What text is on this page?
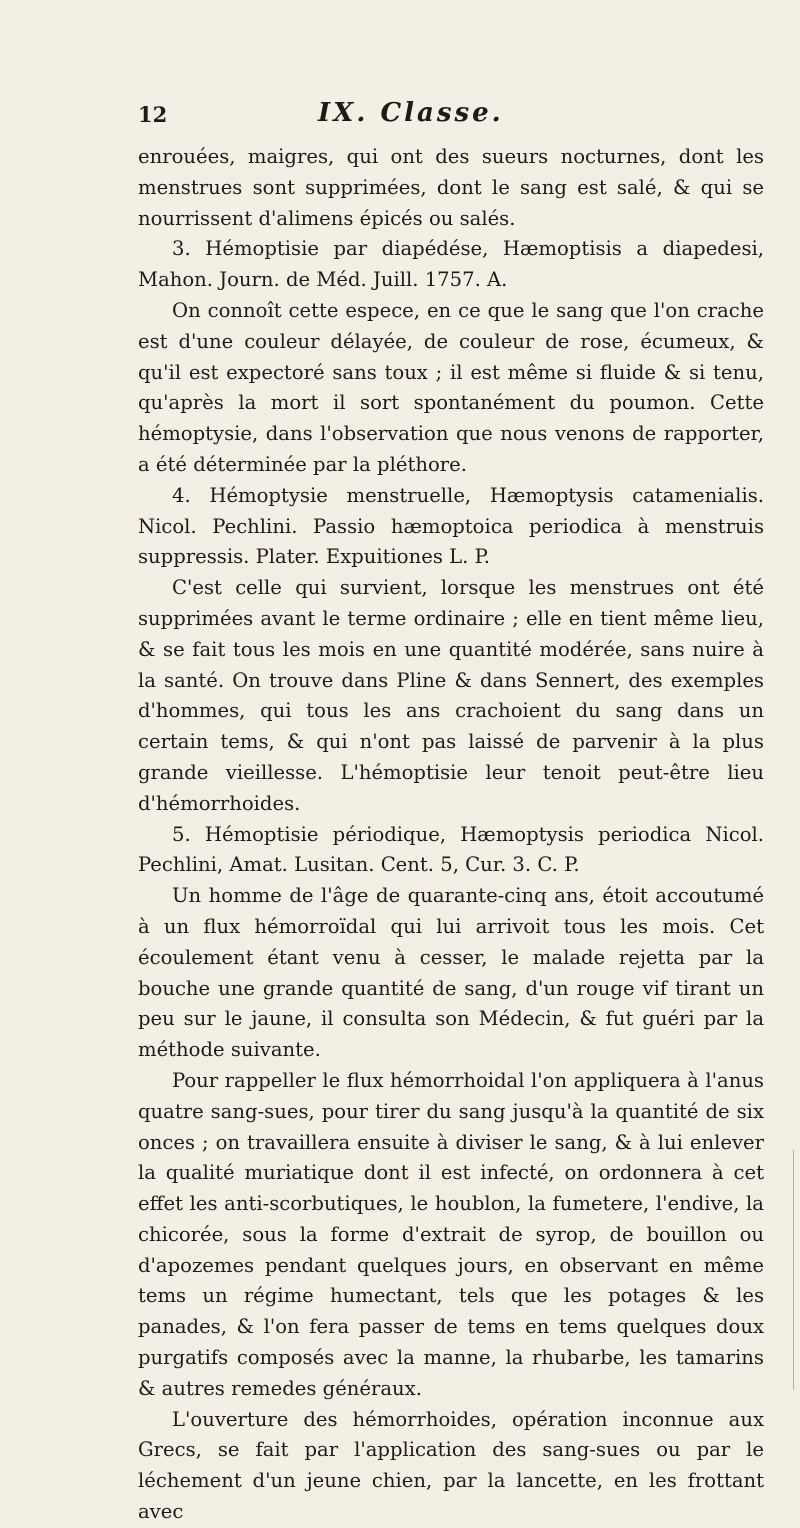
12	IX. Classe.

enrouées, maigres, qui ont des sueurs nocturnes, dont les menstrues sont supprimées, dont le sang est salé, & qui se nourrissent d'alimens épicés ou salés.

3. Hémoptisie par diapédése, Hæmoptisis a diapedesi, Mahon. Journ. de Méd. Juill. 1757. A.

On connoît cette espece, en ce que le sang que l'on crache est d'une couleur délayée, de couleur de rose, écumeux, & qu'il est expectoré sans toux ; il est même si fluide & si tenu, qu'après la mort il sort spontanément du poumon. Cette hémoptysie, dans l'observation que nous venons de rapporter, a été déterminée par la pléthore.

4. Hémoptysie menstruelle, Hæmoptysis catamenialis. Nicol. Pechlini. Passio hæmoptoica periodica à menstruis suppressis. Plater. Expuitiones L. P.

C'est celle qui survient, lorsque les menstrues ont été supprimées avant le terme ordinaire ; elle en tient même lieu, & se fait tous les mois en une quantité modérée, sans nuire à la santé. On trouve dans Pline & dans Sennert, des exemples d'hommes, qui tous les ans crachoient du sang dans un certain tems, & qui n'ont pas laissé de parvenir à la plus grande vieillesse. L'hémoptisie leur tenoit peut-être lieu d'hémorrhoides.

5. Hémoptisie périodique, Hæmoptysis periodica Nicol. Pechlini, Amat. Lusitan. Cent. 5, Cur. 3. C. P.

Un homme de l'âge de quarante-cinq ans, étoit accoutumé à un flux hémorroïdal qui lui arrivoit tous les mois. Cet écoulement étant venu à cesser, le malade rejetta par la bouche une grande quantité de sang, d'un rouge vif tirant un peu sur le jaune, il consulta son Médecin, & fut guéri par la méthode suivante.

Pour rappeller le flux hémorrhoidal l'on appliquera à l'anus quatre sang-sues, pour tirer du sang jusqu'à la quantité de six onces ; on travaillera ensuite à diviser le sang, & à lui enlever la qualité muriatique dont il est infecté, on ordonnera à cet effet les anti-scorbutiques, le houblon, la fumetere, l'endive, la chicorée, sous la forme d'extrait de syrop, de bouillon ou d'apozemes pendant quelques jours, en observant en même tems un régime humectant, tels que les potages & les panades, & l'on fera passer de tems en tems quelques doux purgatifs composés avec la manne, la rhubarbe, les tamarins & autres remedes généraux.

L'ouverture des hémorrhoides, opération inconnue aux Grecs, se fait par l'application des sang-sues ou par le léchement d'un jeune chien, par la lancette, en les frottant avec
